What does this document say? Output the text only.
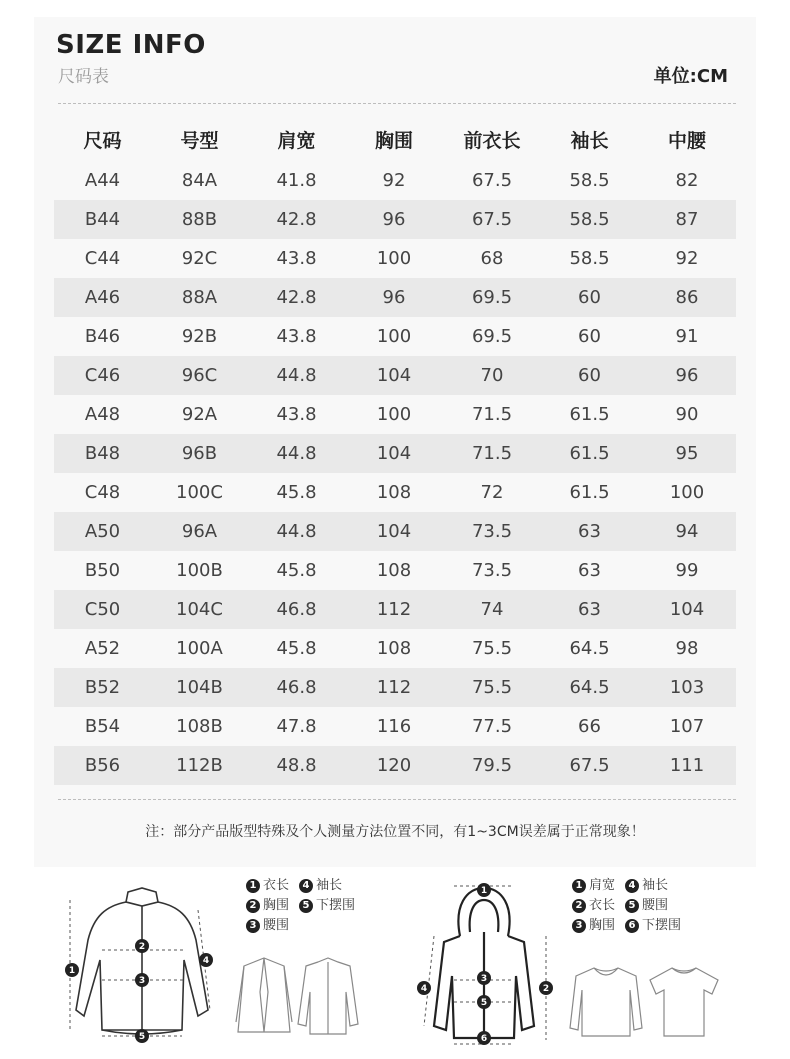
SIZE INFO
尺码表	单位:CM
尺码	号型	肩宽	胸围	前衣长	袖长	中腰
A44	84A	41.8	92	67.5	58.5	82
B44	88B	42.8	96	67.5	58.5	87
C44	92C	43.8	100	68	58.5	92
A46	88A	42.8	96	69.5	60	86
B46	92B	43.8	100	69.5	60	91
C46	96C	44.8	104	70	60	96
A48	92A	43.8	100	71.5	61.5	90
B48	96B	44.8	104	71.5	61.5	95
C48	100C	45.8	108	72	61.5	100
A50	96A	44.8	104	73.5	63	94
B50	100B	45.8	108	73.5	63	99
C50	104C	46.8	112	74	63	104
A52	100A	45.8	108	75.5	64.5	98
B52	104B	46.8	112	75.5	64.5	103
B54	108B	47.8	116	77.5	66	107
B56	112B	48.8	120	79.5	67.5	111
注：部分产品版型特殊及个人测量方法位置不同，有1~3CM误差属于正常现象！
1
2
3
4
5
1 衣长	4 袖长
2 胸围	5 下摆围
3 腰围
1
2
3
4
5
6
1 肩宽	4 袖长
2 衣长	5 腰围
3 胸围	6 下摆围
